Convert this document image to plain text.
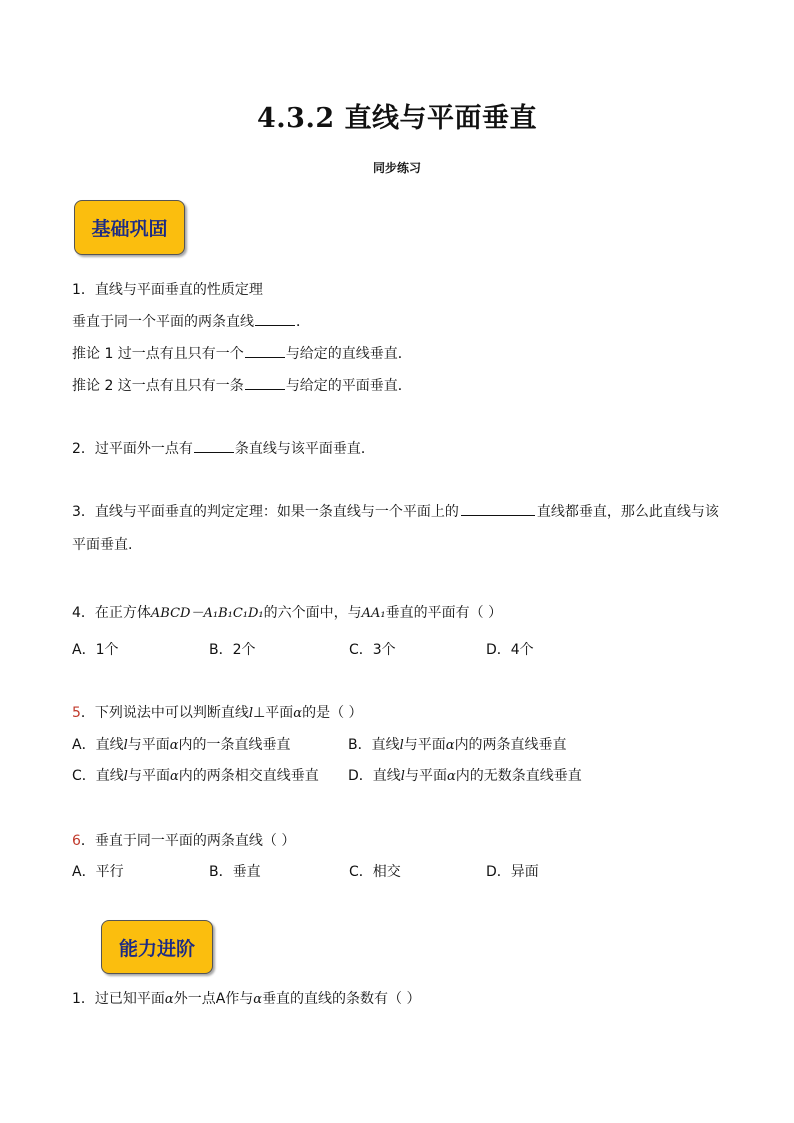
4.3.2 直线与平面垂直
同步练习
基础巩固
1．直线与平面垂直的性质定理
垂直于同一个平面的两条直线	．
推论 1 过一点有且只有一个	与给定的直线垂直．
推论 2 这一点有且只有一条	与给定的平面垂直．
2．过平面外一点有	条直线与该平面垂直．
3．直线与平面垂直的判定定理：如果一条直线与一个平面上的	直线都垂直，那么此直线与该
平面垂直.
4．在正方体ABCD－A₁B₁C₁D₁的六个面中，与AA₁垂直的平面有（ ）
A．1个	B．2个	C．3个	D．4个
5．下列说法中可以判断直线l⊥平面α的是（ ）
A．直线l与平面α内的一条直线垂直	B．直线l与平面α内的两条直线垂直
C．直线l与平面α内的两条相交直线垂直 D．直线l与平面α内的无数条直线垂直
6．垂直于同一平面的两条直线（ ）
A．平行	B．垂直	C．相交	D．异面
能力进阶
1．过已知平面α外一点A作与α垂直的直线的条数有（ ）
